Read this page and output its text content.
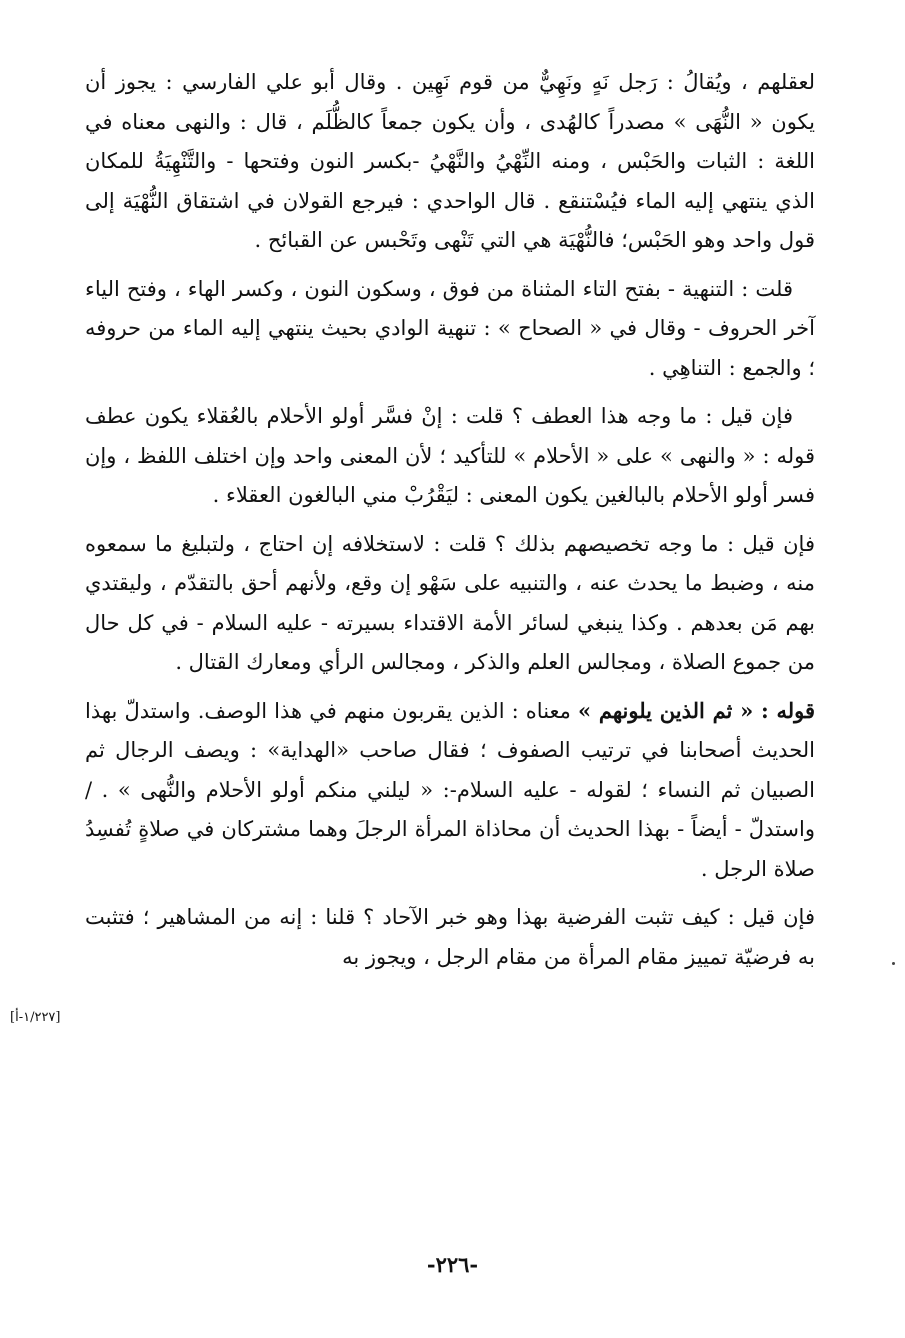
لعقلهم ، ويُقالُ : رَجل نَهٍ ونَهِيٌّ من قوم نَهِين . وقال أبو علي الفارسي : يجوز أن يكون « النُّهَى » مصدراً كالهُدى ، وأن يكون جمعاً كالظُّلَم ، قال : والنهى معناه في اللغة : الثبات والحَبْس ، ومنه النِّهْيُ والنَّهْيُ -بكسر النون وفتحها - والتَّنْهِيَةُ للمكان الذي ينتهي إليه الماء فيُسْتنقع . قال الواحدي : فيرجع القولان في اشتقاق النُّهْيَة إلى قول واحد وهو الحَبْس؛ فالنُّهْيَة هي التي تَنْهى وتَحْبس عن القبائح .

قلت : التنهية - بفتح التاء المثناة من فوق ، وسكون النون ، وكسر الهاء ، وفتح الياء آخر الحروف - وقال في « الصحاح » : تنهية الوادي بحيث ينتهي إليه الماء من حروفه ؛ والجمع : التناهِي .

فإن قيل : ما وجه هذا العطف ؟ قلت : إنْ فسَّر أولو الأحلام بالعُقلاء يكون عطف قوله : « والنهى » على « الأحلام » للتأكيد ؛ لأن المعنى واحد وإن اختلف اللفظ ، وإن فسر أولو الأحلام بالبالغين يكون المعنى : ليَقْرُبْ مني البالغون العقلاء .

فإن قيل : ما وجه تخصيصهم بذلك ؟ قلت : لاستخلافه إن احتاج ، ولتبليغ ما سمعوه منه ، وضبط ما يحدث عنه ، والتنبيه على سَهْو إن وقع، ولأنهم أحق بالتقدّم ، وليقتدي بهم مَن بعدهم . وكذا ينبغي لسائر الأمة الاقتداء بسيرته - عليه السلام - في كل حال من جموع الصلاة ، ومجالس العلم والذكر ، ومجالس الرأي ومعارك القتال .

قوله : « ثم الذين يلونهم » معناه : الذين يقربون منهم في هذا الوصف. واستدلّ بهذا الحديث أصحابنا في ترتيب الصفوف ؛ فقال صاحب «الهداية» : ويصف الرجال ثم الصبيان ثم النساء ؛ لقوله - عليه السلام-: « ليلني منكم أولو الأحلام والنُّهى » . / واستدلّ - أيضاً - بهذا الحديث أن محاذاة المرأة الرجلَ وهما مشتركان في صلاةٍ تُفسِدُ صلاة الرجل .

فإن قيل : كيف تثبت الفرضية بهذا وهو خبر الآحاد ؟ قلنا : إنه من المشاهير ؛ فتثبت به فرضيّة تمييز مقام المرأة من مقام الرجل ، ويجوز به

[١/٢٢٧-أ]
-٢٢٦-
